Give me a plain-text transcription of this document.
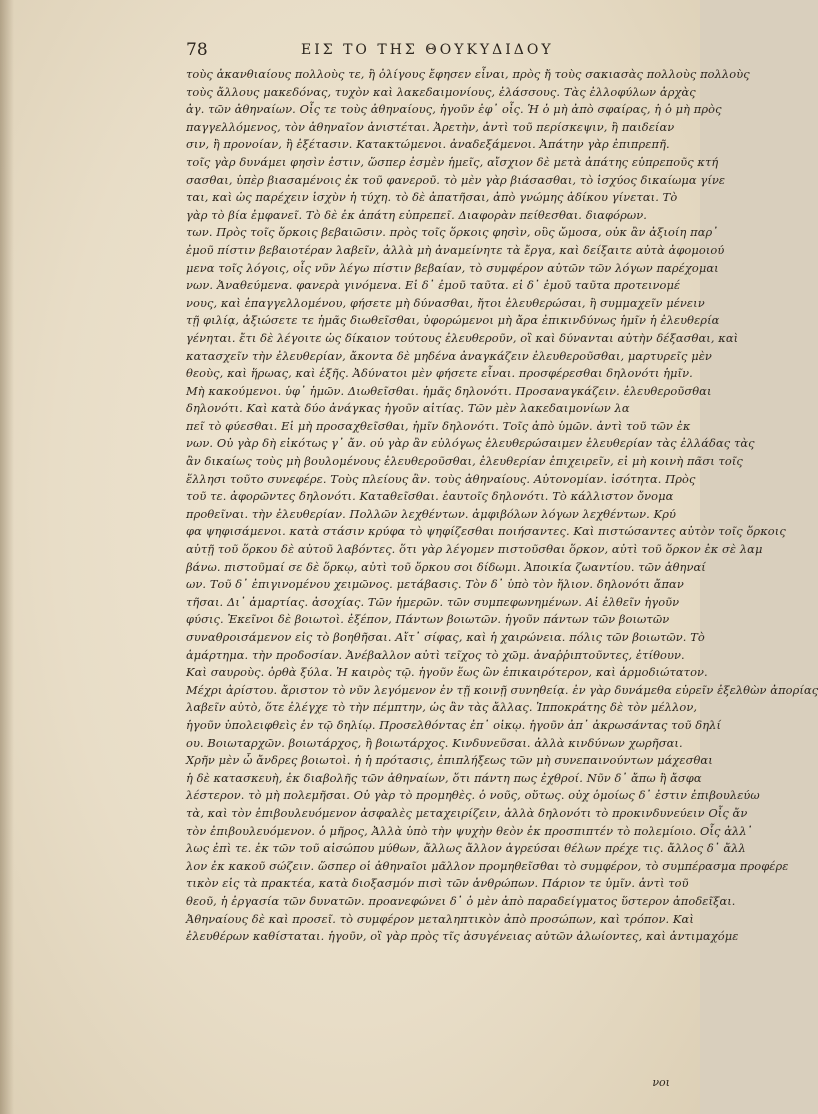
78	ΕΙΣ ΤΟ ΤΗΣ ΘΟΥΚΥΔΙΔΟΥ
τοὺς ἀκανθιαίους πολλοὺς τε, ἢ ὀλίγους ἔφησεν εἶναι, πρὸς ἤ τοὺς σακιασὰς πολλοὺς πολλοὺς
τοὺς ἄλλους μακεδόνας, τυχὸν καὶ λακεδαιμονίους, ἐλάσσους. Τὰς ἐλλοφύλων ἀρχὰς
ἀγ. τῶν ἀθηναίων. Οἷς τε τοὺς ἀθηναίους, ἡγοῦν ἐφ᾽ οἷς. Ἡ ὁ μὴ ἀπὸ σφαίρας, ἡ ὁ μὴ πρὸς
παγγελλόμενος, τὸν ἀθηναῖον ἀνιστέται. Ἀρετὴν, ἀντὶ τοῦ περίσκεψιν, ἢ παιδείαν
σιν, ἢ προνοίαν, ἢ ἐξέτασιν. Κατακτώμενοι. ἀναδεξάμενοι. Ἀπάτην γὰρ ἐπιπρεπῆ.
τοῖς γὰρ δυνάμει φησὶν ἐστιν, ὥσπερ ἐσμὲν ἡμεῖς, αἴσχιον δὲ μετὰ ἀπάτης εὐπρεποῦς κτή
σασθαι, ὑπὲρ βιασαμένοις ἐκ τοῦ φανεροῦ. τὸ μὲν γὰρ βιάσασθαι, τὸ ἰσχύος δικαίωμα γίνε
ται, καὶ ὡς παρέχειν ἰσχὺν ἡ τύχη. τὸ δὲ ἀπατῆσαι, ἀπὸ γνώμης ἀδίκου γίνεται. Τὸ
γὰρ τὸ βία ἐμφανεῖ. Τὸ δὲ ἐκ ἀπάτη εὐπρεπεῖ. Διαφορὰν πείθεσθαι. διαφόρων.
των. Πρὸς τοῖς ὅρκοις βεβαιῶσιν. πρὸς τοῖς ὅρκοις φησὶν, οὓς ὤμοσα, οὐκ ἂν ἀξιοίη παρ᾽
ἐμοῦ πίστιν βεβαιοτέραν λαβεῖν, ἀλλὰ μὴ ἀναμείνητε τὰ ἔργα, καὶ δείξαιτε αὐτὰ ἀφομοιού
μενα τοῖς λόγοις, οἷς νῦν λέγω πίστιν βεβαίαν, τὸ συμφέρον αὐτῶν τῶν λόγων παρέχομαι
νων. Ἀναθεύμενα. φανερὰ γινόμενα. Εἰ δ᾽ ἐμοῦ ταῦτα. εἰ δ᾽ ἐμοῦ ταῦτα προτεινομέ
νους, καὶ ἐπαγγελλομένου, φήσετε μὴ δύνασθαι, ἤτοι ἐλευθερώσαι, ἢ συμμαχεῖν μένειν
τῇ φιλίᾳ, ἀξιώσετε τε ἡμᾶς διωθεῖσθαι, ὑφορώμενοι μὴ ἄρα ἐπικινδύνως ἡμῖν ἡ ἐλευθερία
γένηται. ἔτι δὲ λέγοιτε ὡς δίκαιον τούτους ἐλευθεροῦν, οἳ καὶ δύνανται αὐτὴν δέξασθαι, καὶ
κατασχεῖν τὴν ἐλευθερίαν, ἄκοντα δὲ μηδένα ἀναγκάζειν ἐλευθεροῦσθαι, μαρτυρεῖς μὲν
θεοὺς, καὶ ἥρωας, καὶ ἑξῆς. Ἀδύνατοι μὲν φήσετε εἶναι. προσφέρεσθαι δηλονότι ἡμῖν.
Μὴ κακούμενοι. ὑφ᾽ ἡμῶν. Διωθεῖσθαι. ἡμᾶς δηλονότι. Προσαναγκάζειν. ἐλευθεροῦσθαι
δηλονότι. Καὶ κατὰ δύο ἀνάγκας ἡγοῦν αἰτίας. Τῶν μὲν λακεδαιμονίων λα
πεῖ τὸ φύεσθαι. Εἰ μὴ προσαχθεῖσθαι, ἡμῖν δηλονότι. Τοῖς ἀπὸ ὑμῶν. ἀντὶ τοῦ τῶν ἐκ
νων. Οὐ γὰρ δὴ εἰκότως γ᾽ ἄν. οὐ γὰρ ἂν εὐλόγως ἐλευθερώσαιμεν ἐλευθερίαν τὰς ἐλλάδας τὰς
ἂν δικαίως τοὺς μὴ βουλομένους ἐλευθεροῦσθαι, ἐλευθερίαν ἐπιχειρεῖν, εἰ μὴ κοινὴ πᾶσι τοῖς
ἕλλησι τοῦτο συνεφέρε. Τοὺς πλείους ἂν. τοὺς ἀθηναίους. Αὐτονομίαν. ἰσότητα. Πρὸς
τοῦ τε. ἀφορῶντες δηλονότι. Καταθεῖσθαι. ἑαυτοῖς δηλονότι. Τὸ κάλλιστον ὄνομα
προθεῖναι. τὴν ἐλευθερίαν. Πολλῶν λεχθέντων. ἀμφιβόλων λόγων λεχθέντων. Κρύ
φα ψηφισάμενοι. κατὰ στάσιν κρύφα τὸ ψηφίζεσθαι ποιήσαντες. Καὶ πιστώσαντες αὐτὸν τοῖς ὅρκοις
αὐτῇ τοῦ ὅρκου δὲ αὐτοῦ λαβόντες. ὅτι γὰρ λέγομεν πιστοῦσθαι ὅρκον, αὐτὶ τοῦ ὅρκον ἐκ σὲ λαμ
βάνω. πιστοῦμαί σε δὲ ὅρκῳ, αὐτὶ τοῦ ὅρκου σοι δίδωμι. Ἀποικία ζωαντίου. τῶν ἀθηναί
ων. Τοῦ δ᾽ ἐπιγινομένου χειμῶνος. μετάβασις. Τὸν δ᾽ ὑπὸ τὸν ἥλιον. δηλονότι ἄπαν
τῆσαι. Δι᾽ ἁμαρτίας. ἀσοχίας. Τῶν ἡμερῶν. τῶν συμπεφωνημένων. Αἱ ἐλθεῖν ἡγοῦν
φύσις. Ἐκεῖνοι δὲ βοιωτοὶ. ἐξέπον, Πάντων βοιωτῶν. ἡγοῦν πάντων τῶν βοιωτῶν
συναθροισάμενον εἰς τὸ βοηθῆσαι. Αἴτ᾽ σίφας, καὶ ἡ χαιρώνεια. πόλις τῶν βοιωτῶν. Τὸ
ἁμάρτημα. τὴν προδοσίαν. Ἀνέβαλλον αὐτὶ τεῖχος τὸ χῶμ. ἀναῤῥιπτοῦντες, ἐτίθουν.
Καὶ σαυροὺς. ὀρθὰ ξύλα. Ἡ καιρὸς τῷ. ἡγοῦν ἕως ὢν ἐπικαιρότερον, καὶ ἁρμοδιώτατον.
Μέχρι ἀρίστου. ἄριστον τὸ νῦν λεγόμενον ἐν τῇ κοινῇ συνηθείᾳ. ἐν γὰρ δυνάμεθα εὑρεῖν ἐξελθὼν ἀπορίας
λαβεῖν αὐτὸ, ὅτε ἐλέγχε τὸ τὴν πέμπτην, ὡς ἂν τὰς ἄλλας. Ἱπποκράτης δὲ τὸν μέλλον,
ἡγοῦν ὑπολειφθεὶς ἐν τῷ δηλίῳ. Προσελθόντας ἐπ᾽ οἰκῳ. ἡγοῦν ἀπ᾽ ἀκρωσάντας τοῦ δηλί
ου. Βοιωταρχῶν. βοιωτάρχος, ἢ βοιωτάρχος. Κινδυνεῦσαι. ἀλλὰ κινδύνων χωρῆσαι.
Χρῆν μὲν ὦ ἄνδρες βοιωτοὶ. ἡ ἡ πρότασις, ἐπιπλήξεως τῶν μὴ συνεπαινούντων μάχεσθαι
ἡ δὲ κατασκευὴ, ἐκ διαβολῆς τῶν ἀθηναίων, ὅτι πάντη πως ἐχθροί. Νῦν δ᾽ ἄπω ἢ ἄσφα
λέστερον. τὸ μὴ πολεμῆσαι. Οὐ γὰρ τὸ προμηθὲς. ὁ νοῦς, οὕτως. οὐχ ὁμοίως δ᾽ ἐστιν ἐπιβουλεύω
τὰ, καὶ τὸν ἐπιβουλευόμενον ἀσφαλὲς μεταχειρίζειν, ἀλλὰ δηλονότι τὸ προκινδυνεύειν Οἷς ἄν
τὸν ἐπιβουλευόμενον. ὁ μῆρος, Ἀλλὰ ὑπὸ τὴν ψυχὴν θεὸν ἐκ προσπιπτέν τὸ πολεμίοιο. Οἷς ἀλλ᾽
λως ἐπὶ τε. ἐκ τῶν τοῦ αἰσώπου μύθων, ἄλλως ἄλλον ἀγρεύσαι θέλων πρέχε τις. ἄλλος δ᾽ ἄλλ
λον ἐκ κακοῦ σώζειν. ὥσπερ οἱ ἀθηναῖοι μᾶλλον προμηθεῖσθαι τὸ συμφέρον, τὸ συμπέρασμα προφέρε
τικὸν εἰς τὰ πρακτέα, κατὰ διοξασμόν πισὶ τῶν ἀνθρώπων. Πάριον τε ὑμῖν. ἀντὶ τοῦ
θεοῦ, ἡ ἐργασία τῶν δυνατῶν. προανεφώνει δ᾽ ὁ μὲν ἀπὸ παραδείγματος ὕστερον ἀποδεῖξαι.
Ἀθηναίους δὲ καὶ προσεῖ. τὸ συμφέρον μεταληπτικὸν ἀπὸ προσώπων, καὶ τρόπον. Καὶ
ἐλευθέρων καθίσταται. ἡγοῦν, οἳ γὰρ πρὸς τῖς ἀσυγένειας αὐτῶν ἀλωίοντες, καὶ ἀντιμαχόμε
νοι
